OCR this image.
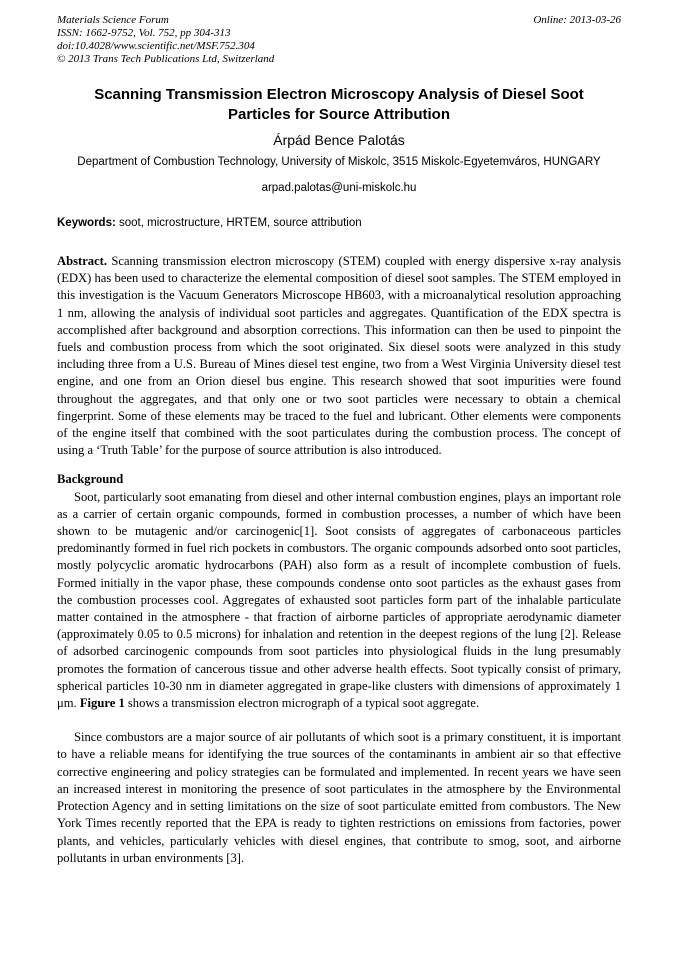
Materials Science Forum
ISSN: 1662-9752, Vol. 752, pp 304-313
doi:10.4028/www.scientific.net/MSF.752.304
© 2013 Trans Tech Publications Ltd, Switzerland
Online: 2013-03-26
Scanning Transmission Electron Microscopy Analysis of Diesel Soot Particles for Source Attribution
Árpád Bence Palotás
Department of Combustion Technology, University of Miskolc, 3515 Miskolc-Egyetemváros, HUNGARY
arpad.palotas@uni-miskolc.hu
Keywords: soot, microstructure, HRTEM, source attribution

Abstract. Scanning transmission electron microscopy (STEM) coupled with energy dispersive x-ray analysis (EDX) has been used to characterize the elemental composition of diesel soot samples. The STEM employed in this investigation is the Vacuum Generators Microscope HB603, with a microanalytical resolution approaching 1 nm, allowing the analysis of individual soot particles and aggregates. Quantification of the EDX spectra is accomplished after background and absorption corrections. This information can then be used to pinpoint the fuels and combustion process from which the soot originated. Six diesel soots were analyzed in this study including three from a U.S. Bureau of Mines diesel test engine, two from a West Virginia University diesel test engine, and one from an Orion diesel bus engine. This research showed that soot impurities were found throughout the aggregates, and that only one or two soot particles were necessary to obtain a chemical fingerprint. Some of these elements may be traced to the fuel and lubricant. Other elements were components of the engine itself that combined with the soot particulates during the combustion process. The concept of using a ‘Truth Table’ for the purpose of source attribution is also introduced.

Background

Soot, particularly soot emanating from diesel and other internal combustion engines, plays an important role as a carrier of certain organic compounds, formed in combustion processes, a number of which have been shown to be mutagenic and/or carcinogenic[1]. Soot consists of aggregates of carbonaceous particles predominantly formed in fuel rich pockets in combustors. The organic compounds adsorbed onto soot particles, mostly polycyclic aromatic hydrocarbons (PAH) also form as a result of incomplete combustion of fuels. Formed initially in the vapor phase, these compounds condense onto soot particles as the exhaust gases from the combustion processes cool. Aggregates of exhausted soot particles form part of the inhalable particulate matter contained in the atmosphere - that fraction of airborne particles of appropriate aerodynamic diameter (approximately 0.05 to 0.5 microns) for inhalation and retention in the deepest regions of the lung [2]. Release of adsorbed carcinogenic compounds from soot particles into physiological fluids in the lung presumably promotes the formation of cancerous tissue and other adverse health effects. Soot typically consist of primary, spherical particles 10-30 nm in diameter aggregated in grape-like clusters with dimensions of approximately 1 μm. Figure 1 shows a transmission electron micrograph of a typical soot aggregate.

Since combustors are a major source of air pollutants of which soot is a primary constituent, it is important to have a reliable means for identifying the true sources of the contaminants in ambient air so that effective corrective engineering and policy strategies can be formulated and implemented. In recent years we have seen an increased interest in monitoring the presence of soot particulates in the atmosphere by the Environmental Protection Agency and in setting limitations on the size of soot particulate emitted from combustors. The New York Times recently reported that the EPA is ready to tighten restrictions on emissions from factories, power plants, and vehicles, particularly vehicles with diesel engines, that contribute to smog, soot, and airborne pollutants in urban environments [3].
